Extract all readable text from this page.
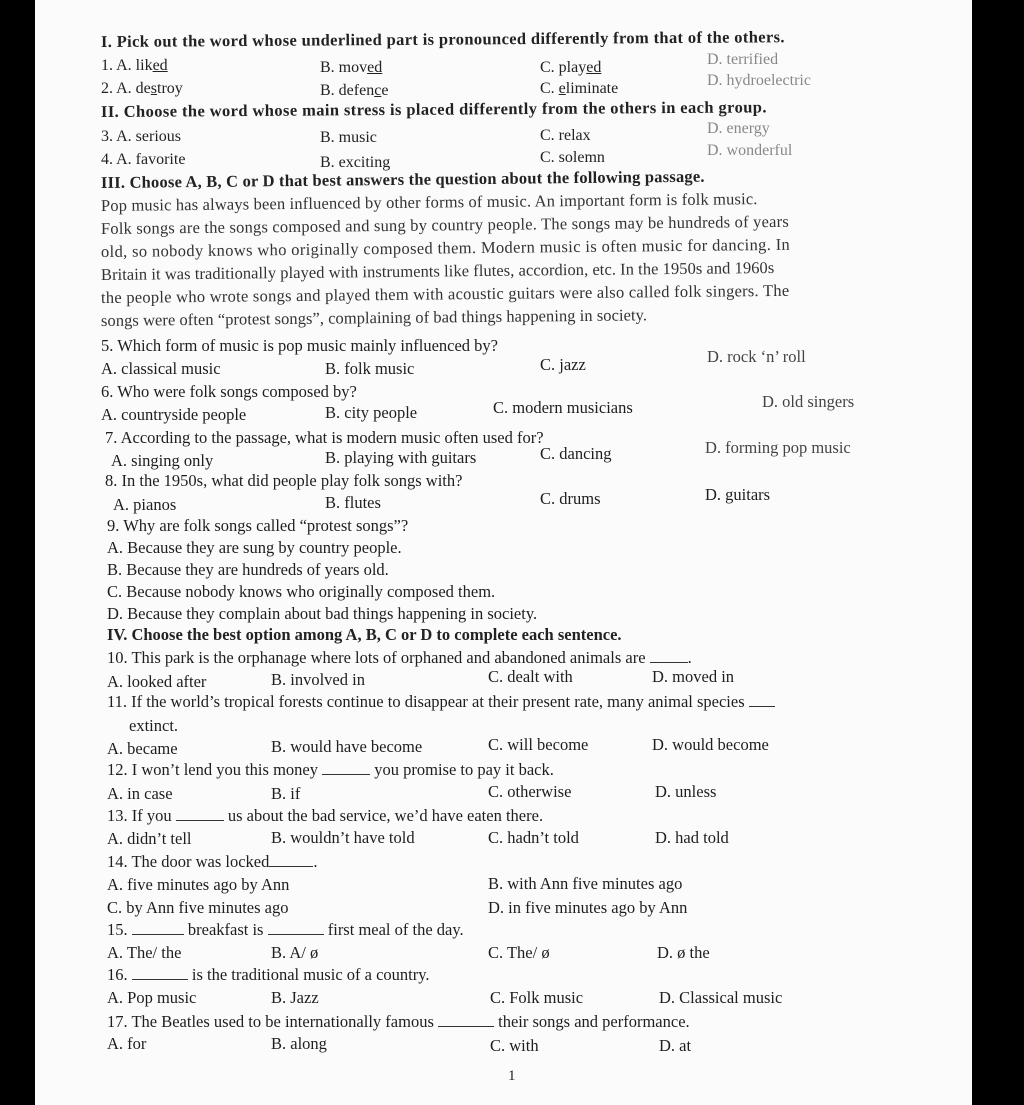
I. Pick out the word whose underlined part is pronounced differently from that of the others.
1. A. liked	B. moved	C. played	D. terrified
2. A. destroy	B. defence	C. eliminate	D. hydroelectric
II. Choose the word whose main stress is placed differently from the others in each group.
3. A. serious	B. music	C. relax	D. energy
4. A. favorite	B. exciting	C. solemn	D. wonderful
III. Choose A, B, C or D that best answers the question about the following passage.
Pop music has always been influenced by other forms of music. An important form is folk music.
Folk songs are the songs composed and sung by country people. The songs may be hundreds of years
old, so nobody knows who originally composed them. Modern music is often music for dancing. In
Britain it was traditionally played with instruments like flutes, accordion, etc. In the 1950s and 1960s
the people who wrote songs and played them with acoustic guitars were also called folk singers. The
songs were often “protest songs”, complaining of bad things happening in society.
5. Which form of music is pop music mainly influenced by?
A. classical music	B. folk music	C. jazz	D. rock ‘n’ roll
6. Who were folk songs composed by?
A. countryside people	B. city people	C. modern musicians	D. old singers
7. According to the passage, what is modern music often used for?
A. singing only	B. playing with guitars	C. dancing	D. forming pop music
8. In the 1950s, what did people play folk songs with?
A. pianos	B. flutes	C. drums	D. guitars
9. Why are folk songs called “protest songs”?
A. Because they are sung by country people.
B. Because they are hundreds of years old.
C. Because nobody knows who originally composed them.
D. Because they complain about bad things happening in society.
IV. Choose the best option among A, B, C or D to complete each sentence.
10. This park is the orphanage where lots of orphaned and abandoned animals are	.
A. looked after	B. involved in	C. dealt with	D. moved in
11. If the world’s tropical forests continue to disappear at their present rate, many animal species
extinct.
A. became	B. would have become	C. will become	D. would become
12. I won’t lend you this money	you promise to pay it back.
A. in case	B. if	C. otherwise	D. unless
13. If you	us about the bad service, we’d have eaten there.
A. didn’t tell	B. wouldn’t have told	C. hadn’t told	D. had told
14. The door was locked	.
A. five minutes ago by Ann	B. with Ann five minutes ago
C. by Ann five minutes ago	D. in five minutes ago by Ann
15.	breakfast is	first meal of the day.
A. The/ the	B. A/ ø	C. The/ ø	D. ø the
16.	is the traditional music of a country.
A. Pop music	B. Jazz	C. Folk music	D. Classical music
17. The Beatles used to be internationally famous	their songs and performance.
A. for	B. along	C. with	D. at
1
